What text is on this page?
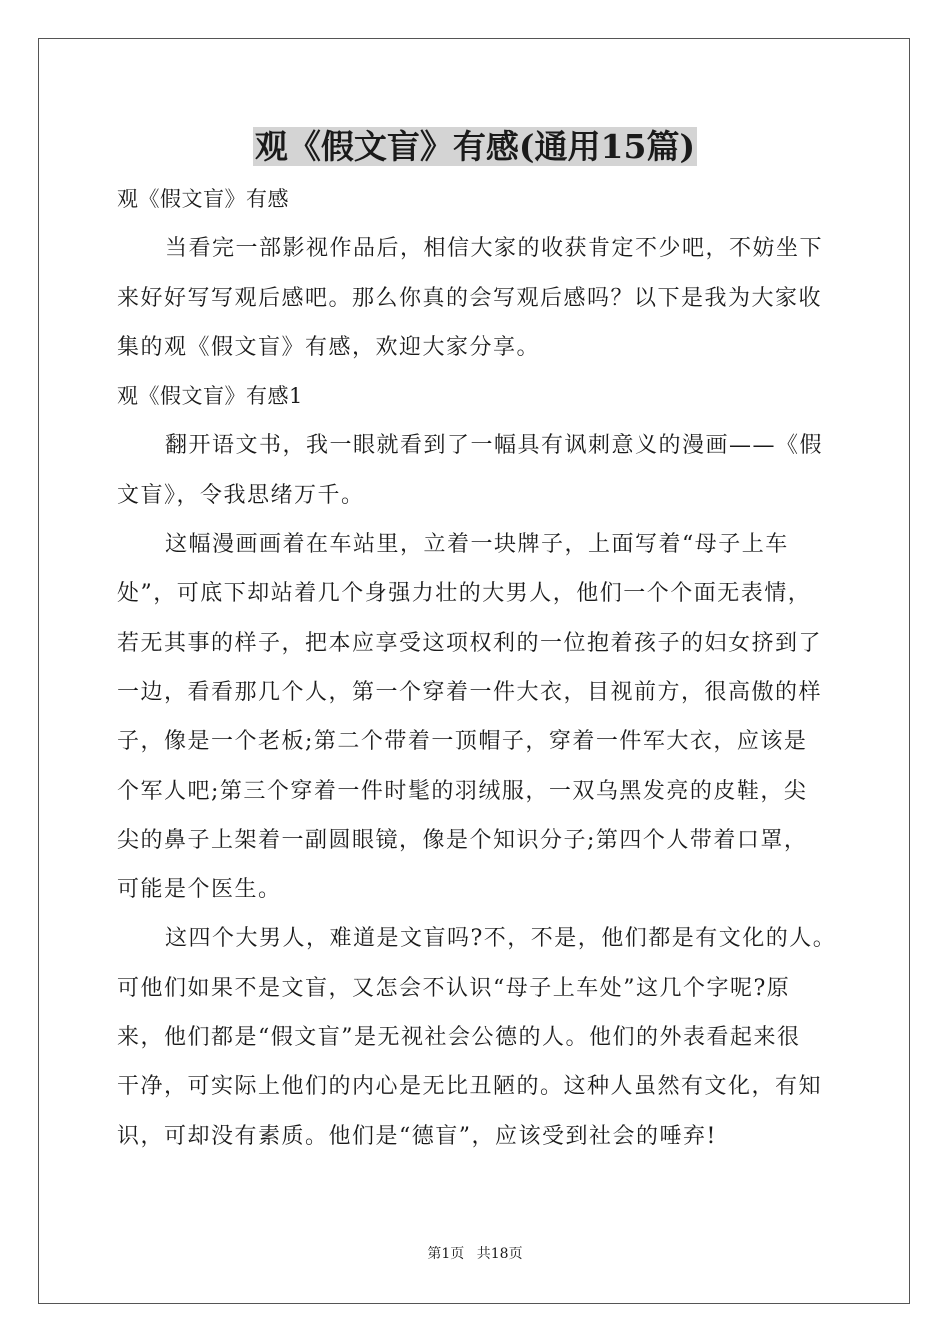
观《假文盲》有感(通用15篇)

观《假文盲》有感

当看完一部影视作品后，相信大家的收获肯定不少吧，不妨坐下

来好好写写观后感吧。那么你真的会写观后感吗？以下是我为大家收

集的观《假文盲》有感，欢迎大家分享。

观《假文盲》有感1

翻开语文书，我一眼就看到了一幅具有讽刺意义的漫画——《假

文盲》，令我思绪万千。

这幅漫画画着在车站里，立着一块牌子，上面写着“母子上车

处”，可底下却站着几个身强力壮的大男人，他们一个个面无表情，

若无其事的样子，把本应享受这项权利的一位抱着孩子的妇女挤到了

一边，看看那几个人，第一个穿着一件大衣，目视前方，很高傲的样

子，像是一个老板;第二个带着一顶帽子，穿着一件军大衣，应该是

个军人吧;第三个穿着一件时髦的羽绒服，一双乌黑发亮的皮鞋，尖

尖的鼻子上架着一副圆眼镜，像是个知识分子;第四个人带着口罩，

可能是个医生。

这四个大男人，难道是文盲吗?不，不是，他们都是有文化的人。

可他们如果不是文盲，又怎会不认识“母子上车处”这几个字呢?原

来，他们都是“假文盲”是无视社会公德的人。他们的外表看起来很

干净，可实际上他们的内心是无比丑陋的。这种人虽然有文化，有知

识，可却没有素质。他们是“德盲”，应该受到社会的唾弃!

第1页 共18页
